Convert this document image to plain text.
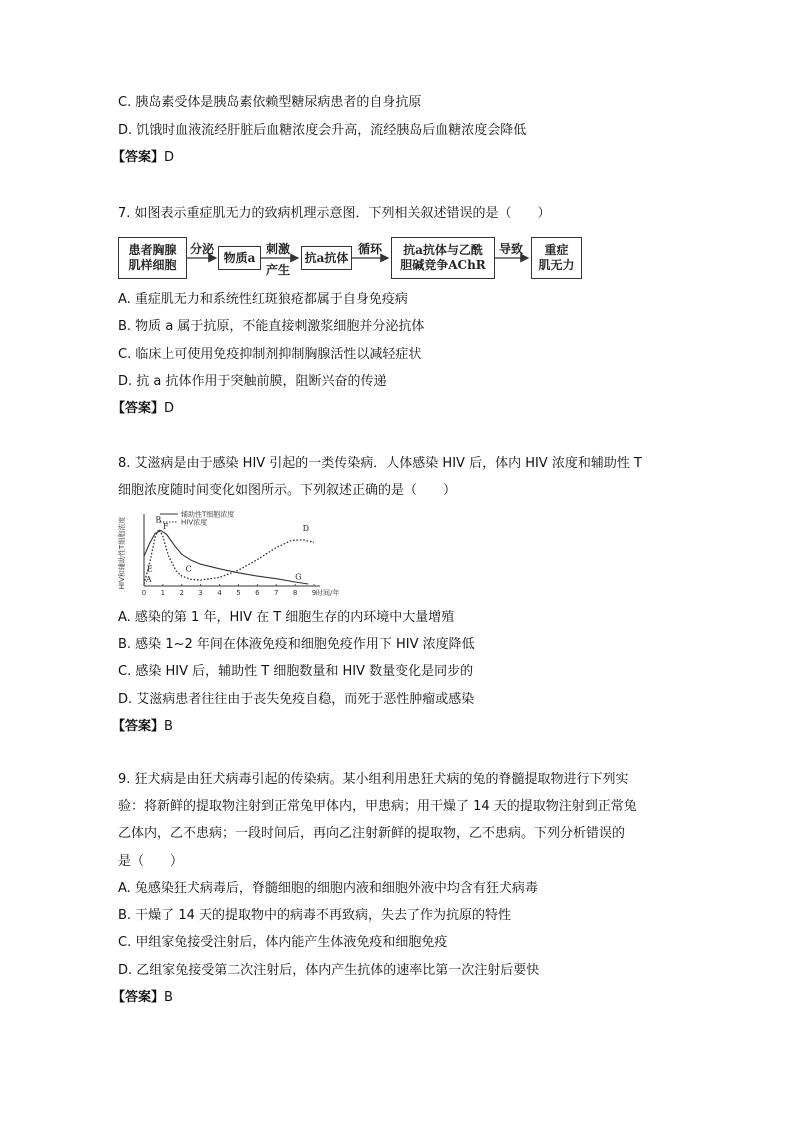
C. 胰岛素受体是胰岛素依赖型糖尿病患者的自身抗原
D. 饥饿时血液流经肝脏后血糖浓度会升高，流经胰岛后血糖浓度会降低
【答案】D
7. 如图表示重症肌无力的致病机理示意图．下列相关叙述错误的是（　　）
患者胸腺
肌样细胞
分泌
物质a
刺激
产生
抗a抗体
循环 抗a抗体与乙酰
胆碱竞争AChR
导致	重症
肌无力
A. 重症肌无力和系统性红斑狼疮都属于自身免疫病
B. 物质 a 属于抗原，不能直接刺激浆细胞并分泌抗体
C. 临床上可使用免疫抑制剂抑制胸腺活性以减轻症状
D. 抗 a 抗体作用于突触前膜，阻断兴奋的传递
【答案】D
8. 艾滋病是由于感染 HIV 引起的一类传染病．人体感染 HIV 后，体内 HIV 浓度和辅助性 T
细胞浓度随时间变化如图所示。下列叙述正确的是（　　）
0 1 2 3 4 5 6 7 8 9 时间/年
HIV和辅助性T细胞浓度
辅助性T细胞浓度
HIV浓度
A
B
E
F
C
D
G
A. 感染的第 1 年，HIV 在 T 细胞生存的内环境中大量增殖
B. 感染 1~2 年间在体液免疫和细胞免疫作用下 HIV 浓度降低
C. 感染 HIV 后，辅助性 T 细胞数量和 HIV 数量变化是同步的
D. 艾滋病患者往往由于丧失免疫自稳，而死于恶性肿瘤或感染
【答案】B
9. 狂犬病是由狂犬病毒引起的传染病。某小组利用患狂犬病的兔的脊髓提取物进行下列实
验：将新鲜的提取物注射到正常兔甲体内，甲患病；用干燥了 14 天的提取物注射到正常兔
乙体内，乙不患病；一段时间后，再向乙注射新鲜的提取物，乙不患病。下列分析错误的
是（　　）
A. 兔感染狂犬病毒后，脊髓细胞的细胞内液和细胞外液中均含有狂犬病毒
B. 干燥了 14 天的提取物中的病毒不再致病，失去了作为抗原的特性
C. 甲组家兔接受注射后，体内能产生体液免疫和细胞免疫
D. 乙组家兔接受第二次注射后，体内产生抗体的速率比第一次注射后要快
【答案】B
